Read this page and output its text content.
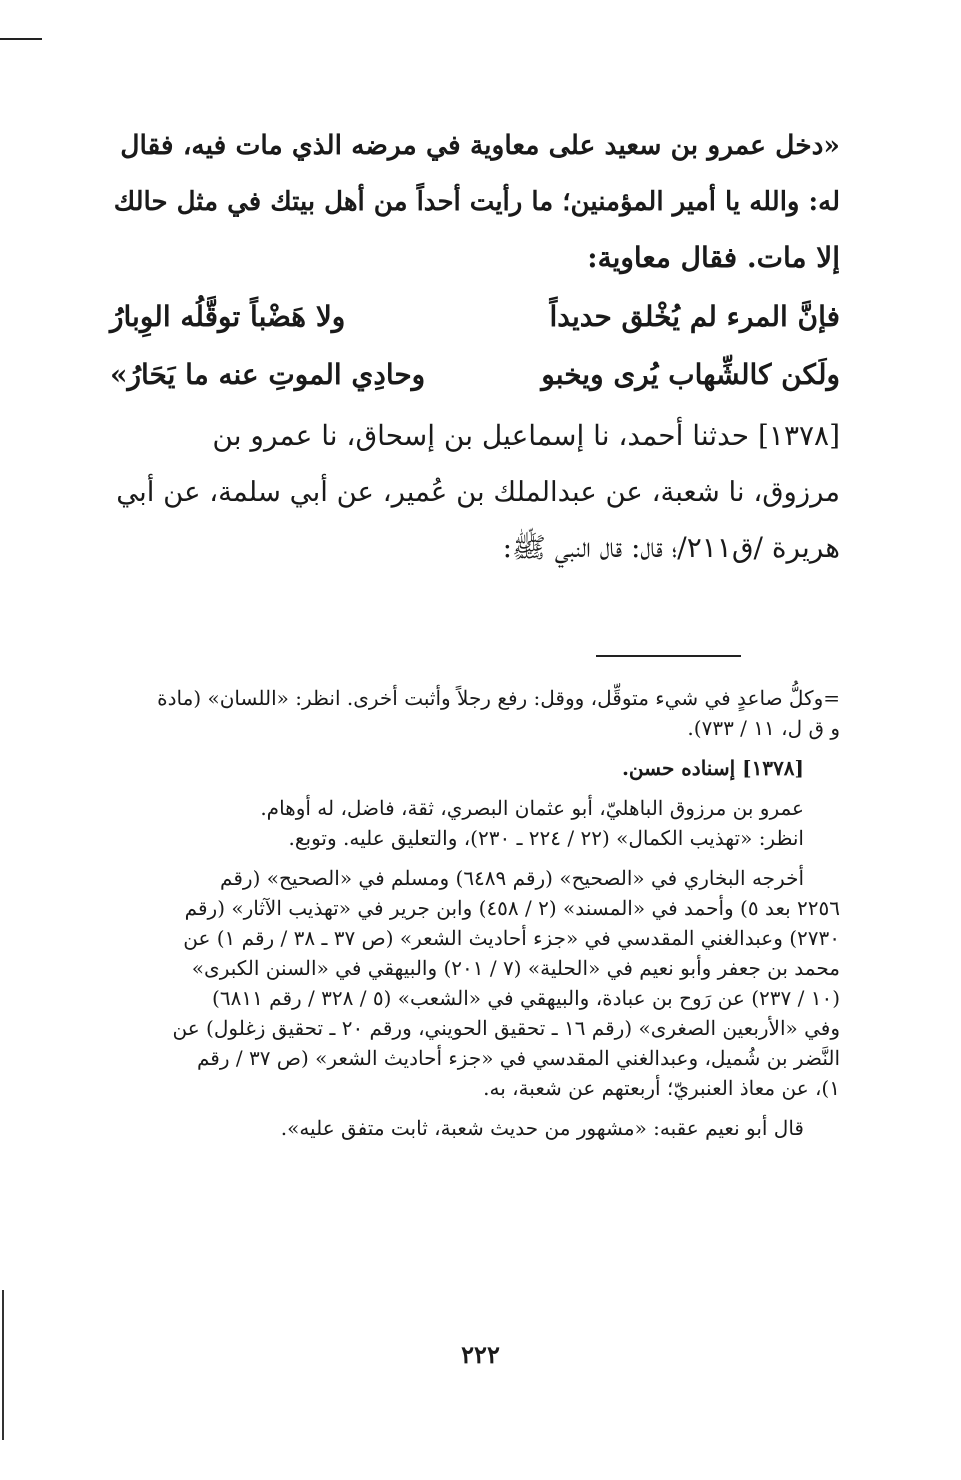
«دخل عمرو بن سعيد على معاوية في مرضه الذي مات فيه، فقال
له: والله يا أمير المؤمنين؛ ما رأيت أحداً من أهل بيتك في مثل حالك
إلا مات. فقال معاوية:
فإنَّ المرء لم يُخْلق حديداً
ولا هَضْباً توقَّلُه الوِبارُ
ولَكن كالشِّهاب يُرى ويخبو
وحادِي الموتِ عنه ما يَحَارُ»
[١٣٧٨] حدثنا أحمد، نا إسماعيل بن إسحاق، نا عمرو بن
مرزوق، نا شعبة، عن عبدالملك بن عُمير، عن أبي سلمة، عن أبي
هريرة /ق٢١١/؛ قال: قال النبي ﷺ:
=وكلُّ صاعدٍ في شيء متوقِّل، ووقل: رفع رجلاً وأثبت أخرى. انظر: «اللسان» (مادة
و ق ل، ١١ / ٧٣٣).
[١٣٧٨] إسناده حسن.
عمرو بن مرزوق الباهليّ، أبو عثمان البصري، ثقة، فاضل، له أوهام.
انظر: «تهذيب الكمال» (٢٢ / ٢٢٤ ـ ٢٣٠)، والتعليق عليه. وتوبع.
أخرجه البخاري في «الصحيح» (رقم ٦٤٨٩) ومسلم في «الصحيح» (رقم
٢٢٥٦ بعد ٥) وأحمد في «المسند» (٢ / ٤٥٨) وابن جرير في «تهذيب الآثار» (رقم
٢٧٣٠) وعبدالغني المقدسي في «جزء أحاديث الشعر» (ص ٣٧ ـ ٣٨ / رقم ١) عن
محمد بن جعفر وأبو نعيم في «الحلية» (٧ / ٢٠١) والبيهقي في «السنن الكبرى»
(١٠ / ٢٣٧) عن رَوح بن عبادة، والبيهقي في «الشعب» (٥ / ٣٢٨ / رقم ٦٨١١)
وفي «الأربعين الصغرى» (رقم ١٦ ـ تحقيق الحويني، ورقم ٢٠ ـ تحقيق زغلول) عن
النَّضر بن شُميل، وعبدالغني المقدسي في «جزء أحاديث الشعر» (ص ٣٧ / رقم
١)، عن معاذ العنبريّ؛ أربعتهم عن شعبة، به.
قال أبو نعيم عقبه: «مشهور من حديث شعبة، ثابت متفق عليه».
٢٢٢
